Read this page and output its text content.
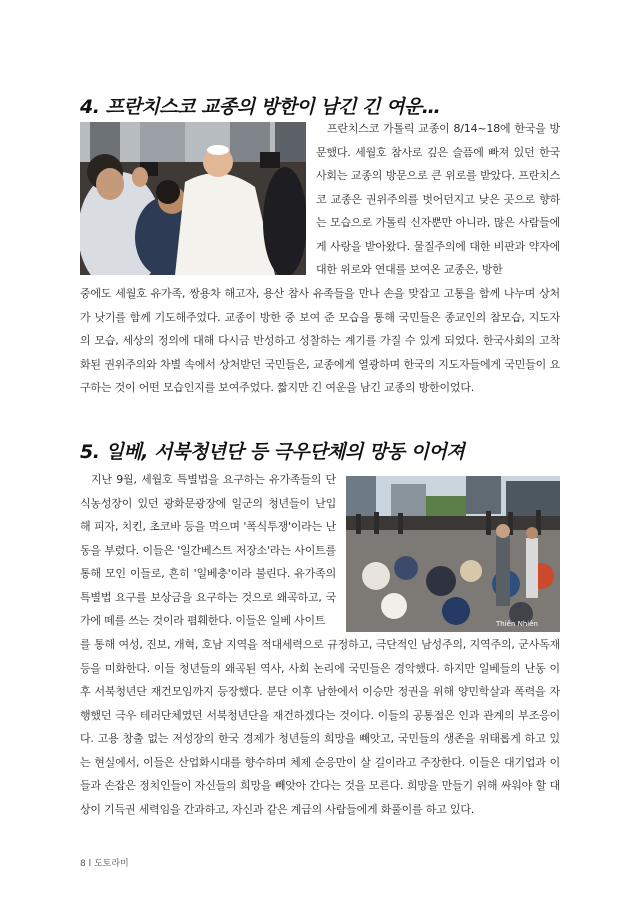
4. 프란치스코 교종의 방한이 남긴 긴 여운…

프란치스코 가톨릭 교종이 8/14~18에 한국을 방문했다. 세월호 참사로 깊은 슬픔에 빠져 있던 한국사회는 교종의 방문으로 큰 위로를 받았다. 프란치스코 교종은 권위주의를 벗어던지고 낮은 곳으로 향하는 모습으로 가톨릭 신자뿐만 아니라, 많은 사람들에게 사랑을 받아왔다. 물질주의에 대한 비판과 약자에 대한 위로와 연대를 보여온 교종은, 방한

중에도 세월호 유가족, 쌍용차 해고자, 용산 참사 유족들을 만나 손을 맞잡고 고통을 함께 나누며 상처가 낫기를 함께 기도해주었다. 교종이 방한 중 보여 준 모습을 통해 국민들은 종교인의 참모습, 지도자의 모습, 세상의 정의에 대해 다시금 반성하고 성찰하는 계기를 가질 수 있게 되었다. 한국사회의 고착화된 권위주의와 차별 속에서 상처받던 국민들은, 교종에게 열광하며 한국의 지도자들에게 국민들이 요구하는 것이 어떤 모습인지를 보여주었다. 짧지만 긴 여운을 남긴 교종의 방한이었다.

5. 일베, 서북청년단 등 극우단체의 망동 이어져

지난 9월, 세월호 특별법을 요구하는 유가족들의 단식농성장이 있던 광화문광장에 일군의 청년들이 난입해 피자, 치킨, 초코바 등을 먹으며 '폭식투쟁'이라는 난동을 부렸다. 이들은 '일간베스트 저장소'라는 사이트를 통해 모인 이들로, 흔히 '일베충'이라 불린다. 유가족의 특별법 요구를 보상금을 요구하는 것으로 왜곡하고, 국가에 떼를 쓰는 것이라 폄훼한다. 이들은 일베 사이트	Thiên Nhiên

를 통해 여성, 진보, 개혁, 호남 지역을 적대세력으로 규정하고, 극단적인 남성주의, 지역주의, 군사독재 등을 미화한다. 이들 청년들의 왜곡된 역사, 사회 논리에 국민들은 경악했다. 하지만 일베들의 난동 이후 서북청년단 재건모임까지 등장했다. 분단 이후 남한에서 이승만 정권을 위해 양민학살과 폭력을 자행했던 극우 테러단체였던 서북청년단을 재건하겠다는 것이다. 이들의 공통점은 인과 관계의 부조응이다. 고용 창출 없는 저성장의 한국 경제가 청년들의 희망을 빼앗고, 국민들의 생존을 위태롭게 하고 있는 현실에서, 이들은 산업화시대를 향수하며 체제 순응만이 살 길이라고 주장한다. 이들은 대기업과 이들과 손잡은 정치인들이 자신들의 희망을 빼앗아 간다는 것을 모른다. 희망을 만들기 위해 싸워야 할 대상이 기득권 세력임을 간과하고, 자신과 같은 계급의 사람들에게 화풀이를 하고 있다.

8 l 도토라미
